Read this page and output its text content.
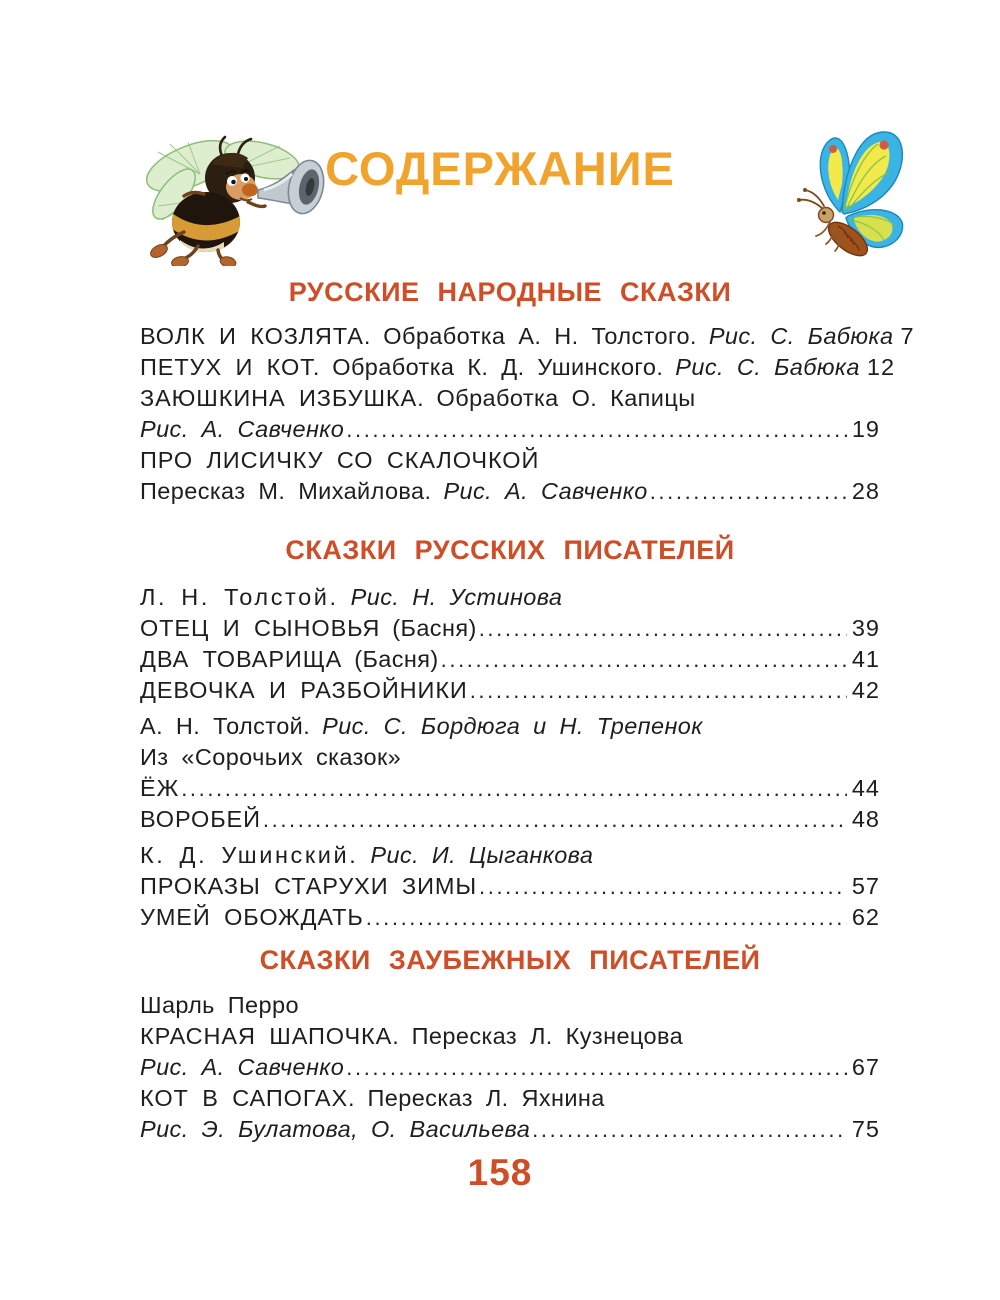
СОДЕРЖАНИЕ
РУССКИЕ НАРОДНЫЕ СКАЗКИ
ВОЛК И КОЗЛЯТА. Обработка А. Н. Толстого. Рис. С. Бабюка 7
ПЕТУХ И КОТ. Обработка К. Д. Ушинского. Рис. С. Бабюка 12
ЗАЮШКИНА ИЗБУШКА. Обработка О. Капицы
Рис. А. Савченко .....	19
ПРО ЛИСИЧКУ СО СКАЛОЧКОЙ
Пересказ М. Михайлова. Рис. А. Савченко .....	28
СКАЗКИ РУССКИХ ПИСАТЕЛЕЙ
Л. Н. Толстой. Рис. Н. Устинова
ОТЕЦ И СЫНОВЬЯ (Басня) .....	39
ДВА ТОВАРИЩА (Басня) .....	41
ДЕВОЧКА И РАЗБОЙНИКИ .....	42
А. Н. Толстой. Рис. С. Бордюга и Н. Трепенок
Из «Сорочьих сказок»
ЁЖ .....	44
ВОРОБЕЙ .....	48
К. Д. Ушинский. Рис. И. Цыганкова
ПРОКАЗЫ СТАРУХИ ЗИМЫ .....	57
УМЕЙ ОБОЖДАТЬ .....	62
СКАЗКИ ЗАУБЕЖНЫХ ПИСАТЕЛЕЙ
Шарль Перро
КРАСНАЯ ШАПОЧКА. Пересказ Л. Кузнецова
Рис. А. Савченко .....	67
КОТ В САПОГАХ. Пересказ Л. Яхнина
Рис. Э. Булатова, О. Васильева .....	75
158
